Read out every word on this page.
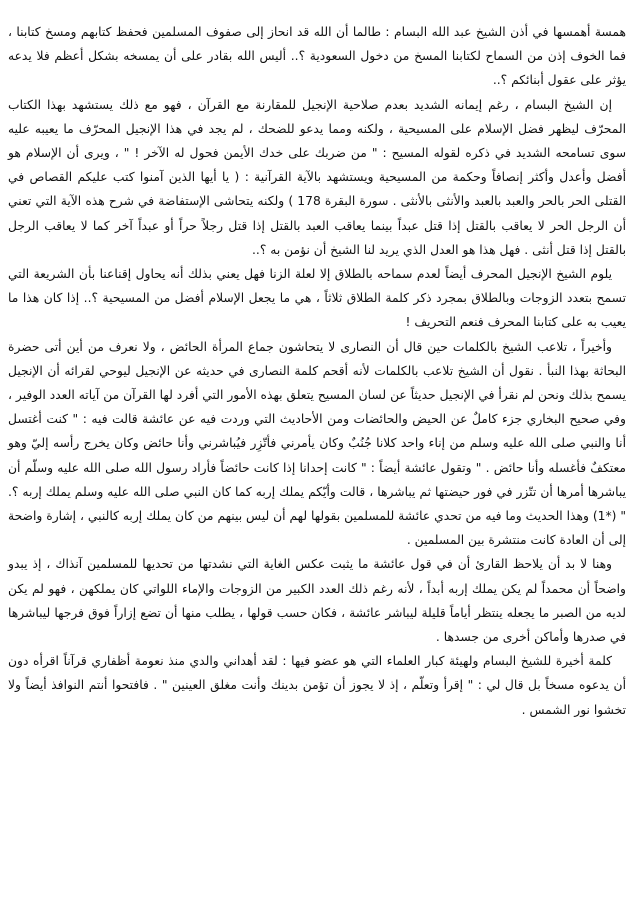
همسة أهمسها في أذن الشيخ عبد الله البسام : طالما أن الله قد انحاز إلى صفوف المسلمين فحفظ كتابهم ومسخ كتابنا ، فما الخوف إذن من السماح لكتابنا المسخ من دخول السعودية ؟.. أليس الله بقادر على أن يمسخه بشكل أعظم فلا يدعه يؤثر على عقول أبنائكم ؟..

إن الشيخ البسام ، رغم إيمانه الشديد بعدم صلاحية الإنجيل للمقارنة مع القرآن ، فهو مع ذلك يستشهد بهذا الكتاب المحرّف ليظهر فضل الإسلام على المسيحية ، ولكنه ومما يدعو للضحك ، لم يجد في هذا الإنجيل المحرّف ما يعيبه عليه سوى تسامحه الشديد في ذكره لقوله المسيح : " من ضربك على خدك الأيمن فحول له الآخر ! " ، ويرى أن الإسلام هو أفضل وأعدل وأكثر إنصافاً وحكمة من المسيحية ويستشهد بالآية القرآنية : ( يا أيها الذين آمنوا كتب عليكم القصاص في القتلى الحر بالحر والعبد بالعبد والأنثى بالأنثى . سورة البقرة 178 ) ولكنه يتحاشى الإستفاضة في شرح هذه الآية التي تعني أن الرجل الحر لا يعاقب بالقتل إذا قتل عبداً بينما يعاقب العبد بالقتل إذا قتل رجلاً حراً أو عبداً آخر كما لا يعاقب الرجل بالقتل إذا قتل أنثى . فهل هذا هو العدل الذي يريد لنا الشيخ أن نؤمن به ؟..

يلوم الشيخ الإنجيل المحرف أيضاً لعدم سماحه بالطلاق إلا لعلة الزنا فهل يعني بذلك أنه يحاول إقناعنا بأن الشريعة التي تسمح بتعدد الزوجات وبالطلاق بمجرد ذكر كلمة الطلاق ثلاثاً ، هي ما يجعل الإسلام أفضل من المسيحية ؟.. إذا كان هذا ما يعيب به على كتابنا المحرف فنعم التحريف !

وأخيراً ، تلاعب الشيخ بالكلمات حين قال أن النصارى لا يتحاشون جماع المرأة الحائض ، ولا نعرف من أين أتى حضرة البحاثة بهذا النبأ . نقول أن الشيخ تلاعب بالكلمات لأنه أقحم كلمة النصارى في حديثه عن الإنجيل ليوحي لقرائه أن الإنجيل يسمح بذلك ونحن لم نقرأ في الإنجيل حديثاً عن لسان المسيح يتعلق بهذه الأمور التي أفرد لها القرآن من آياته العدد الوفير ، وفي صحيح البخاري جزء كاملٌ عن الحيض والحائضات ومن الأحاديث التي وردت فيه عن عائشة قالت فيه : " كنت أغتسل أنا والنبي صلى الله عليه وسلم من إناء واحد كلانا جُنُبٌ وكان يأمرني فأتّزِر فيُباشرني وأنا حائض وكان يخرج رأسه إليّ وهو معتكفٌ فأغسله وأنا حائض . " وتقول عائشة أيضاً : " كانت إحدانا إذا كانت حائضاً فأراد رسول الله صلى الله عليه وسلّم أن يباشرها أمرها أن تتّزر في فور حيضتها ثم يباشرها ، قالت وأيّكم يملك إربه كما كان النبي صلى الله عليه وسلم يملك إربه ؟. " (*1) وهذا الحديث وما فيه من تحدي عائشة للمسلمين بقولها لهم أن ليس بينهم من كان يملك إربه كالنبي ، إشارة واضحة إلى أن العادة كانت منتشرة بين المسلمين .

وهنا لا بد أن يلاحظ القارئ أن في قول عائشة ما يثبت عكس الغاية التي نشدتها من تحديها للمسلمين آنذاك ، إذ يبدو واضحاً أن محمداً لم يكن يملك إربه أبداً ، لأنه رغم ذلك العدد الكبير من الزوجات والإماء اللواتي كان يملكهن ، فهو لم يكن لديه من الصبر ما يجعله ينتظر أياماً قليلة ليباشر عائشة ، فكان حسب قولها ، يطلب منها أن تضع إزاراً فوق فرجها ليباشرها في صدرها وأماكن أخرى من جسدها .

كلمة أخيرة للشيخ البسام ولهيئة كبار العلماء التي هو عضو فيها : لقد أهداني والدي منذ نعومة أظفاري قرآناً اقرأه دون أن يدعوه مسخاً بل قال لي : " إقرأ وتعلّم ، إذ لا يجوز أن تؤمن بدينك وأنت مغلق العينين " . فافتحوا أنتم النوافذ أيضاً ولا تخشوا نور الشمس .
